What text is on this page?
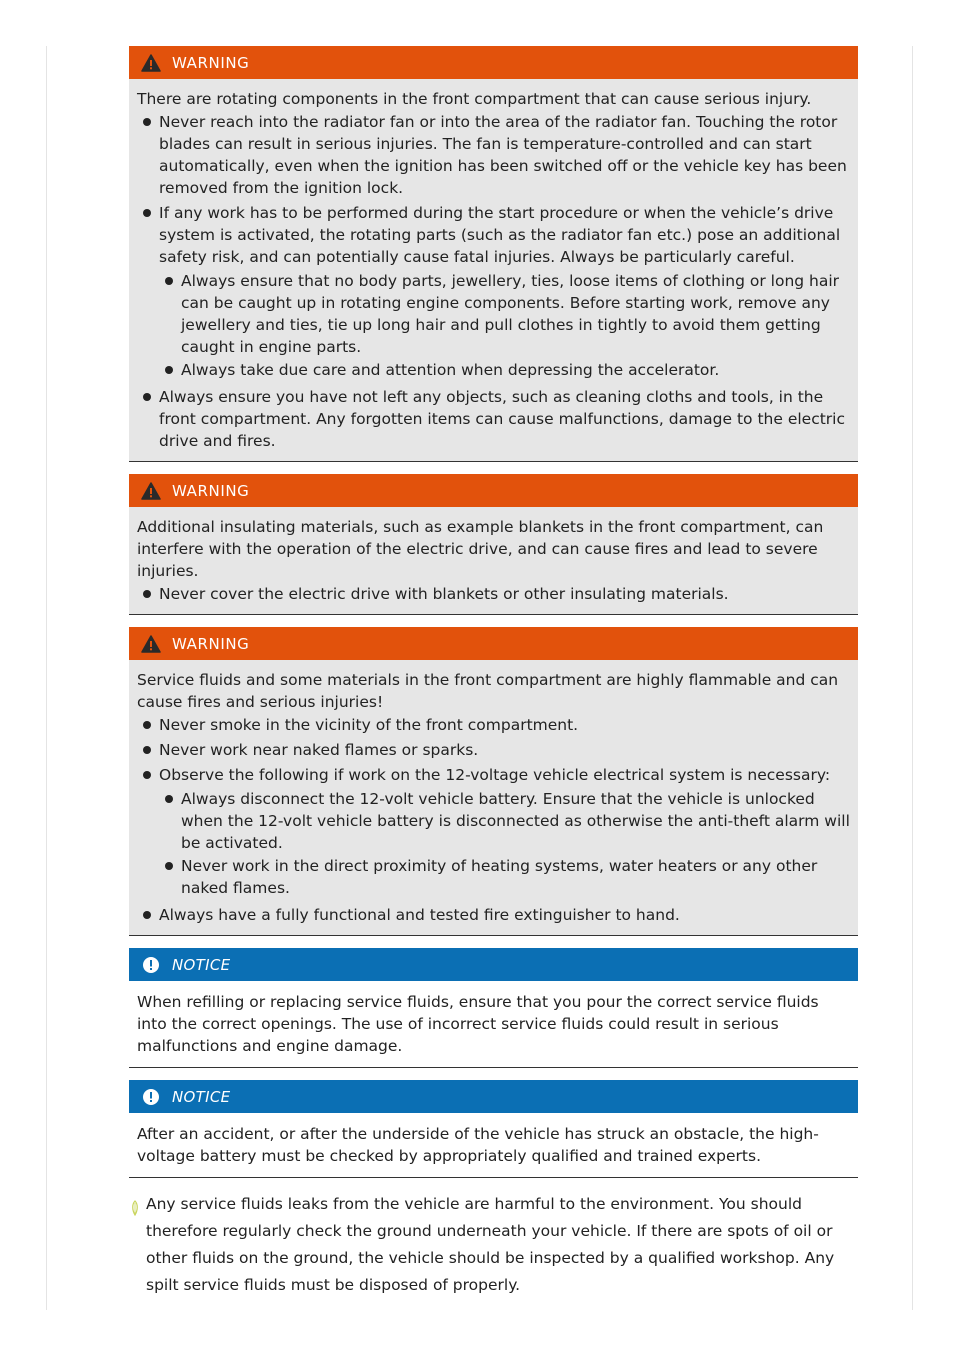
WARNING

There are rotating components in the front compartment that can cause serious injury.

Never reach into the radiator fan or into the area of the radiator fan. Touching the rotor blades can result in serious injuries. The fan is temperature-controlled and can start automatically, even when the ignition has been switched off or the vehicle key has been removed from the ignition lock.
If any work has to be performed during the start procedure or when the vehicle’s drive system is activated, the rotating parts (such as the radiator fan etc.) pose an additional safety risk, and can potentially cause fatal injuries. Always be particularly careful.
Always ensure that no body parts, jewellery, ties, loose items of clothing or long hair can be caught up in rotating engine components. Before starting work, remove any jewellery and ties, tie up long hair and pull clothes in tightly to avoid them getting caught in engine parts.
Always take due care and attention when depressing the accelerator.
Always ensure you have not left any objects, such as cleaning cloths and tools, in the front compartment. Any forgotten items can cause malfunctions, damage to the electric drive and fires.
WARNING

Additional insulating materials, such as example blankets in the front compartment, can interfere with the operation of the electric drive, and can cause fires and lead to severe injuries.

Never cover the electric drive with blankets or other insulating materials.
WARNING

Service fluids and some materials in the front compartment are highly flammable and can cause fires and serious injuries!

Never smoke in the vicinity of the front compartment.
Never work near naked flames or sparks.
Observe the following if work on the 12-voltage vehicle electrical system is necessary:
Always disconnect the 12-volt vehicle battery. Ensure that the vehicle is unlocked when the 12-volt vehicle battery is disconnected as otherwise the anti-theft alarm will be activated.
Never work in the direct proximity of heating systems, water heaters or any other naked flames.
Always have a fully functional and tested fire extinguisher to hand.
NOTICE

When refilling or replacing service fluids, ensure that you pour the correct service fluids into the correct openings. The use of incorrect service fluids could result in serious malfunctions and engine damage.

NOTICE

After an accident, or after the underside of the vehicle has struck an obstacle, the high-voltage battery must be checked by appropriately qualified and trained experts.

Any service fluids leaks from the vehicle are harmful to the environment. You should therefore regularly check the ground underneath your vehicle. If there are spots of oil or other fluids on the ground, the vehicle should be inspected by a qualified workshop. Any spilt service fluids must be disposed of properly.
